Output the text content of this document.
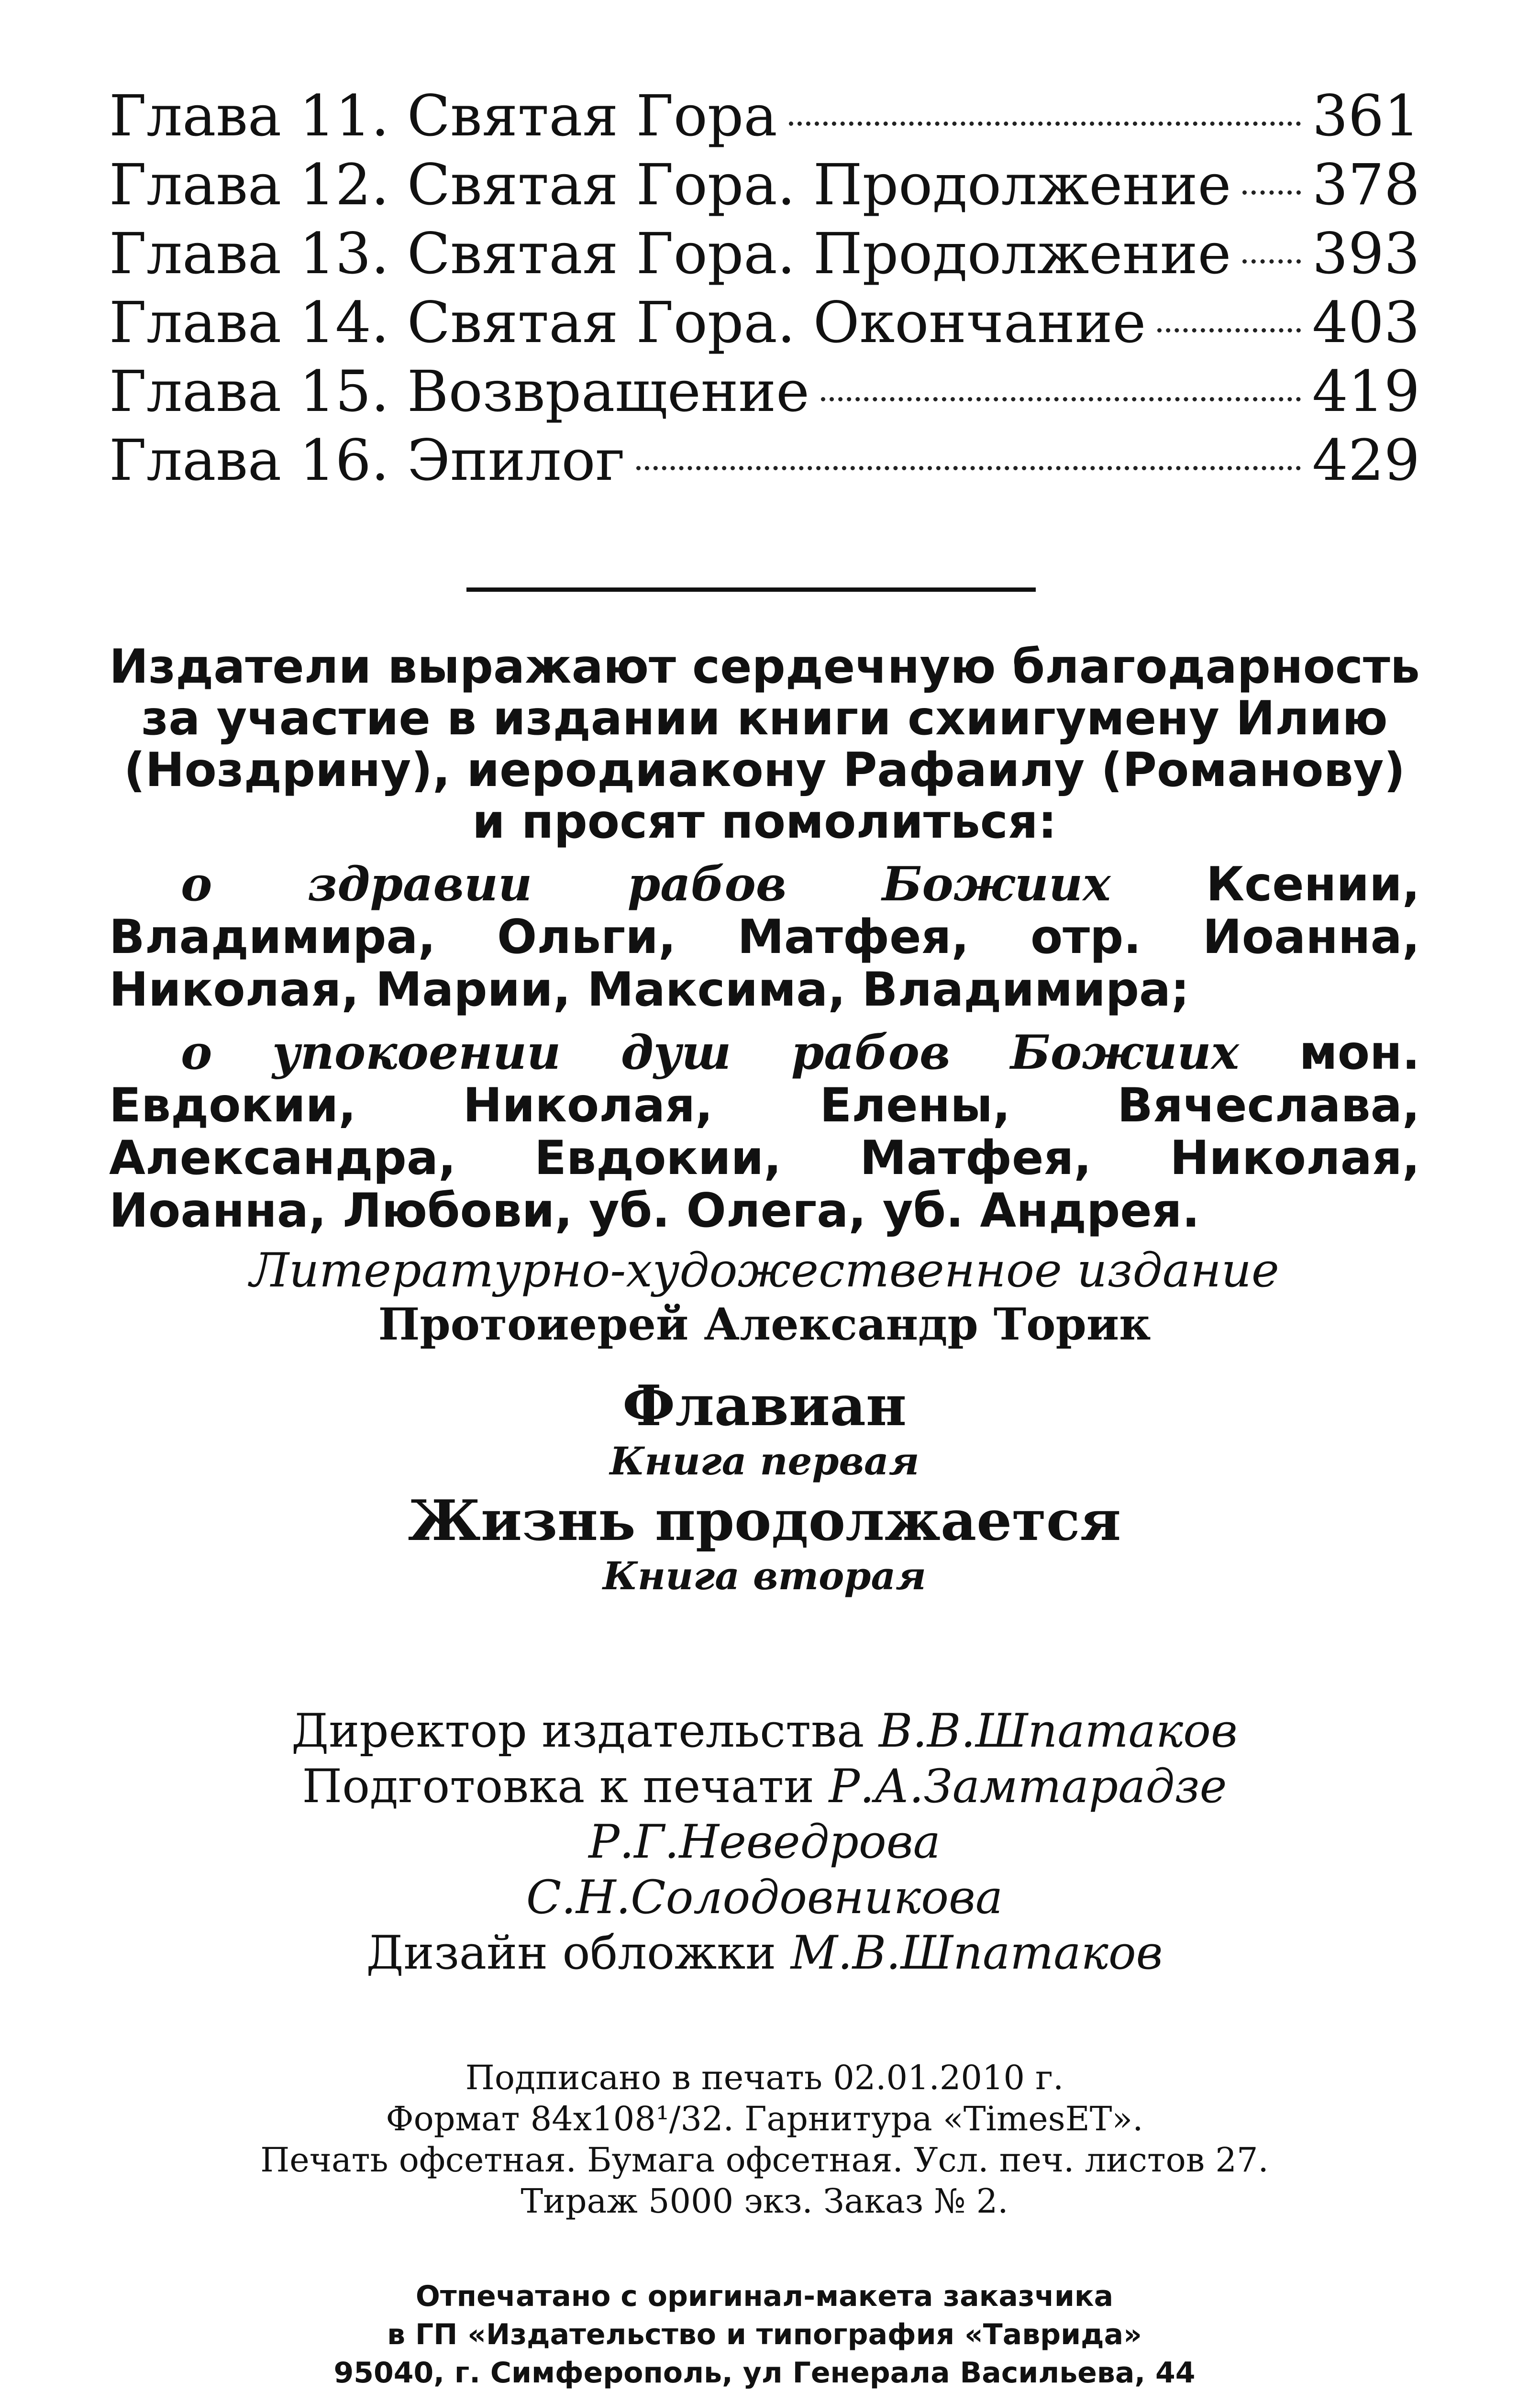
Глава 11. Святая Гора	361
Глава 12. Святая Гора. Продолжение 378
Глава 13. Святая Гора. Продолжение 393
Глава 14. Святая Гора. Окончание	403
Глава 15. Возвращение	419
Глава 16. Эпилог	429
Издатели выражают сердечную благодарность
за участие в издании книги схиигумену Илию
(Ноздрину), иеродиакону Рафаилу (Романову)
и просят помолиться:
о здравии рабов Божиих Ксении, Владимира, Ольги, Матфея, отр. Иоанна, Николая, Марии, Максима, Владимира;
о упокоении душ рабов Божиих мон. Евдокии, Николая, Елены, Вячеслава, Александра, Евдокии, Матфея, Николая, Иоанна, Любови, уб. Олега, уб. Андрея.
Литературно-художественное издание
Протоиерей Александр Торик
Флавиан
Книга первая
Жизнь продолжается
Книга вторая
Директор издательства В.В.Шпатаков
Подготовка к печати Р.А.Замтарадзе
Р.Г.Неведрова
С.Н.Солодовникова
Дизайн обложки М.В.Шпатаков
Подписано в печать 02.01.2010 г.
Формат 84x108¹/32. Гарнитура «TimesET».
Печать офсетная. Бумага офсетная. Усл. печ. листов 27.
Тираж 5000 экз. Заказ № 2.
Отпечатано с оригинал-макета заказчика
в ГП «Издательство и типография «Таврида»
95040, г. Симферополь, ул Генерала Васильева, 44
